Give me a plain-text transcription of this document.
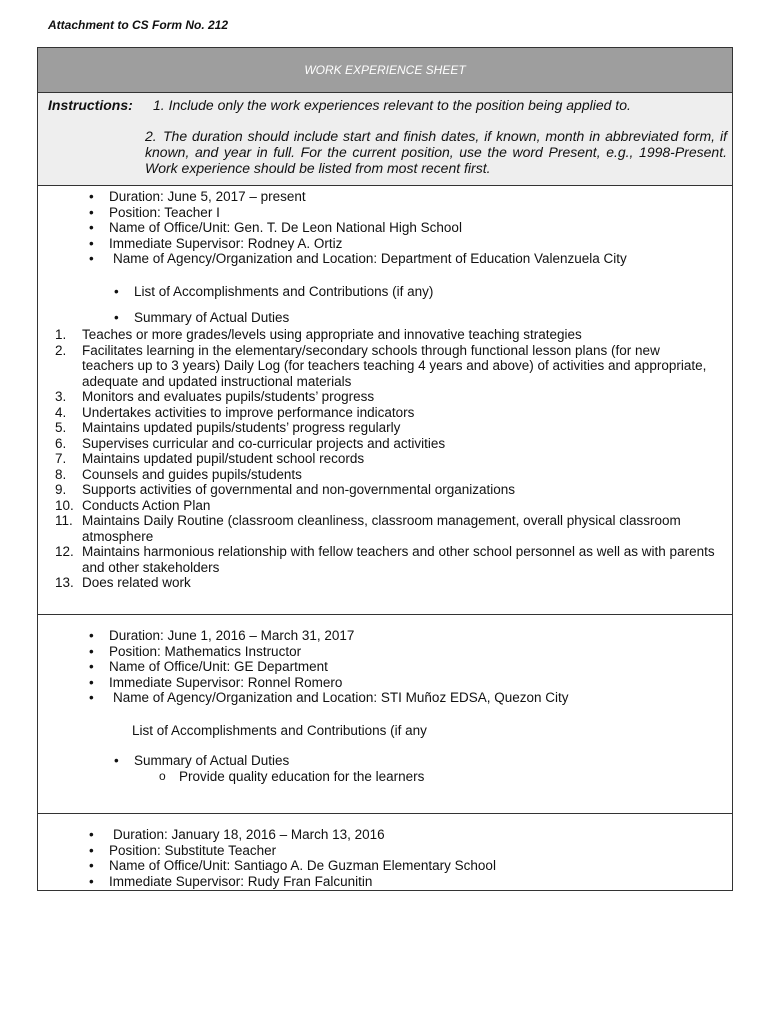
Attachment to CS Form No. 212
WORK EXPERIENCE SHEET
Instructions: 1. Include only the work experiences relevant to the position being applied to.
2. The duration should include start and finish dates, if known, month in abbreviated form, if known, and year in full. For the current position, use the word Present, e.g., 1998-Present. Work experience should be listed from most recent first.
• Duration: June 5, 2017 – present
• Position: Teacher I
• Name of Office/Unit: Gen. T. De Leon National High School
• Immediate Supervisor: Rodney A. Ortiz
• Name of Agency/Organization and Location: Department of Education Valenzuela City
• List of Accomplishments and Contributions (if any)
• Summary of Actual Duties
1. Teaches or more grades/levels using appropriate and innovative teaching strategies
2. Facilitates learning in the elementary/secondary schools through functional lesson plans (for new teachers up to 3 years) Daily Log (for teachers teaching 4 years and above) of activities and appropriate, adequate and updated instructional materials
3. Monitors and evaluates pupils/students’ progress
4. Undertakes activities to improve performance indicators
5. Maintains updated pupils/students’ progress regularly
6. Supervises curricular and co-curricular projects and activities
7. Maintains updated pupil/student school records
8. Counsels and guides pupils/students
9. Supports activities of governmental and non-governmental organizations
10. Conducts Action Plan
11. Maintains Daily Routine (classroom cleanliness, classroom management, overall physical classroom atmosphere
12. Maintains harmonious relationship with fellow teachers and other school personnel as well as with parents and other stakeholders
13. Does related work
• Duration: June 1, 2016 – March 31, 2017
• Position: Mathematics Instructor
• Name of Office/Unit: GE Department
• Immediate Supervisor: Ronnel Romero
• Name of Agency/Organization and Location: STI Muñoz EDSA, Quezon City
List of Accomplishments and Contributions (if any
• Summary of Actual Duties
o Provide quality education for the learners
• Duration: January 18, 2016 – March 13, 2016
• Position: Substitute Teacher
• Name of Office/Unit: Santiago A. De Guzman Elementary School
• Immediate Supervisor: Rudy Fran Falcunitin
